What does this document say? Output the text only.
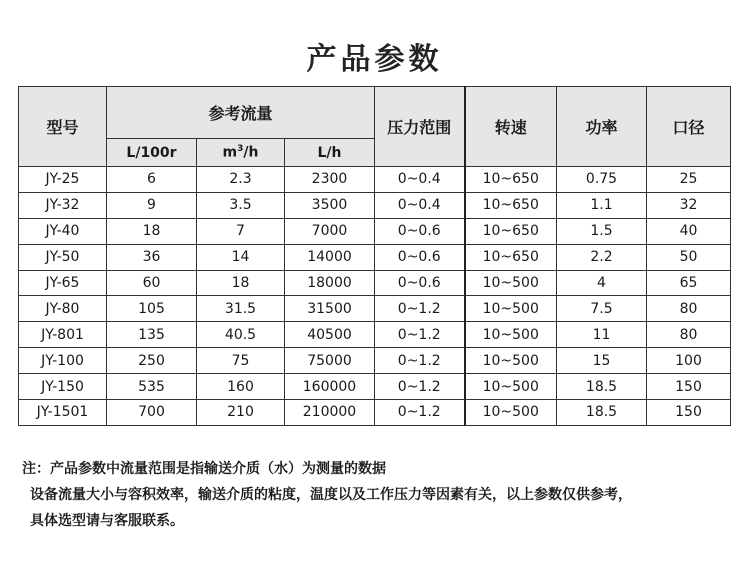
产品参数
型号	参考流量			压力范围	转速	功率	口径
	L/100r	$m^3/h$	L/h				
JY-25	6	2.3	2300	0~0.4	10~650	0.75	25
JY-32	9	3.5	3500	0~0.4	10~650	1.1	32
JY-40	18	7	7000	0~0.6	10~650	1.5	40
JY-50	36	14	14000	0~0.6	10~650	2.2	50
JY-65	60	18	18000	0~0.6	10~500	4	65
JY-80	105	31.5	31500	0~1.2	10~500	7.5	80
JY-801	135	40.5	40500	0~1.2	10~500	11	80
JY-100	250	75	75000	0~1.2	10~500	15	100
JY-150	535	160	160000	0~1.2	10~500	18.5	150
JY-1501	700	210	210000	0~1.2	10~500	18.5	150
注：产品参数中流量范围是指输送介质（水）为测量的数据
设备流量大小与容积效率，输送介质的粘度，温度以及工作压力等因素有关，以上参数仅供参考，
具体选型请与客服联系。
